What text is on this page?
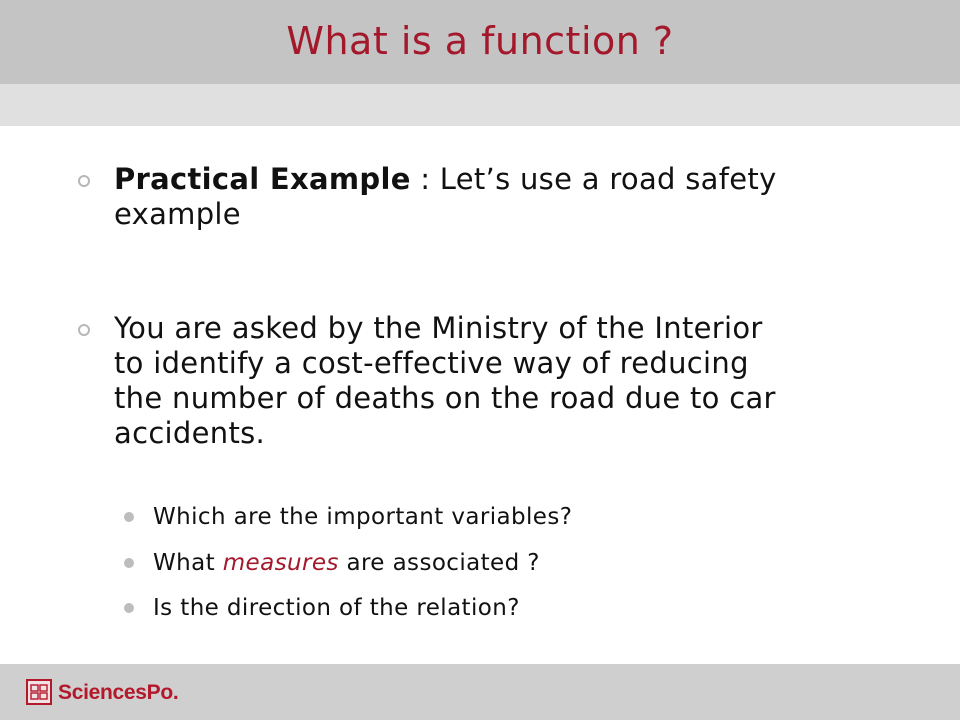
What is a function ?
Practical Example : Let’s use a road safety
example
You are asked by the Ministry of the Interior
to identify a cost-effective way of reducing
the number of deaths on the road due to car
accidents.
Which are the important variables?
What measures are associated ?
Is the direction of the relation?
SciencesPo.
